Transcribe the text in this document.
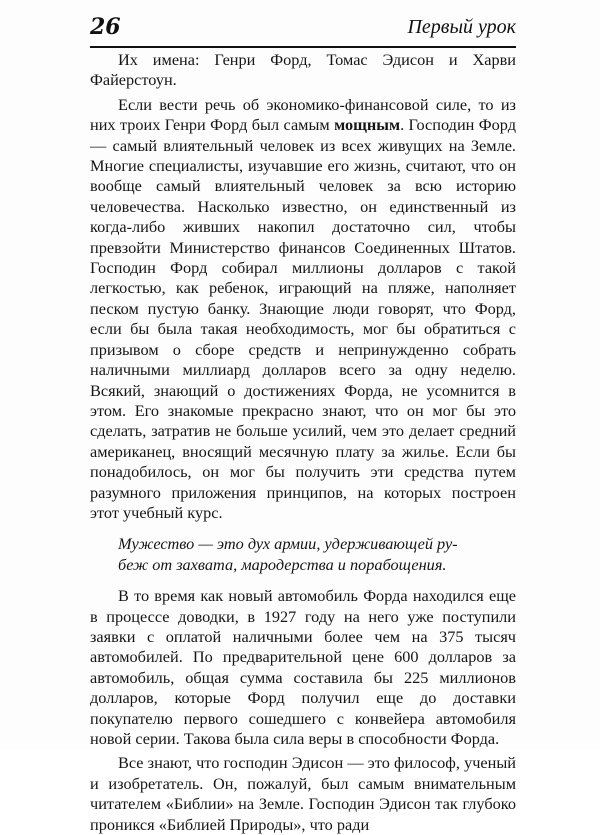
26	Первый урок

Их имена: Генри Форд, Томас Эдисон и Харви Файерстоун.

Если вести речь об экономико-финансовой силе, то из них троих Генри Форд был самым мощным. Господин Форд — самый влиятельный человек из всех живущих на Земле. Многие специалисты, изучавшие его жизнь, считают, что он вообще самый влиятельный человек за всю историю человечества. Насколько известно, он единственный из когда-либо живших накопил достаточно сил, чтобы превзойти Министерство финансов Соединенных Штатов. Господин Форд собирал миллионы долларов с такой легкостью, как ребенок, играющий на пляже, наполняет песком пустую банку. Знающие люди говорят, что Форд, если бы была такая необходимость, мог бы обратиться с призывом о сборе средств и непринужденно собрать наличными миллиард долларов всего за одну неделю. Всякий, знающий о достижениях Форда, не усомнится в этом. Его знакомые прекрасно знают, что он мог бы это сделать, затратив не больше усилий, чем это делает средний американец, вносящий месячную плату за жилье. Если бы понадобилось, он мог бы получить эти средства путем разумного приложения принципов, на которых построен этот учебный курс.

Мужество — это дух армии, удерживающей ру-
беж от захвата, мародерства и порабощения.

В то время как новый автомобиль Форда находился еще в процессе доводки, в 1927 году на него уже поступили заявки с оплатой наличными более чем на 375 тысяч автомобилей. По предварительной цене 600 долларов за автомобиль, общая сумма составила бы 225 миллионов долларов, которые Форд получил еще до доставки покупателю первого сошедшего с конвейера автомобиля новой серии. Такова была сила веры в способности Форда.

Все знают, что господин Эдисон — это философ, ученый и изобретатель. Он, пожалуй, был самым внимательным читателем «Библии» на Земле. Господин Эдисон так глубоко проникся «Библией Природы», что ради
